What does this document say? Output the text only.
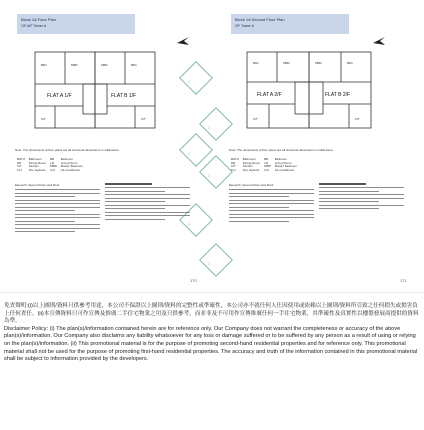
Block 1A Floor Plan
1/F-6/F Tower A
BR1	MBR	MBR	BR1
KIT	KIT
FLAT A 1/F	FLAT B 1/F
Note: The dimensions of floor plans are all structural dimensions in millimetres.
BATH	Bathroom	BR	Bedroom
DR	Dining Room	LR	Living Room
KIT	Kitchen	MBR	Master Bedroom
F.H.	Fire Hydrant	A/C	Air-conditioner
Eleventh, Second Floor and Roof
170
⌂
⌂
⌂
Block 1A Second Floor Plan
2/F Tower A
BR1	MBR	MBR	BR1
KIT	KIT
FLAT A 2/F	FLAT B 2/F
Note: The dimensions of floor plans are all structural dimensions in millimetres.
BATH	Bathroom	BR	Bedroom
DR	Dining Room	LR	Living Room
KIT	Kitchen	MBR	Master Bedroom
F.H.	Fire Hydrant	A/C	Air-conditioner
Eleventh, Second Floor and Roof
171
⌂
⌂
⌂

免責聲明:(i)以上圖則/資料只供參考用途，本公司不保證以上圖則/資料的完整性或準確性，本公司亦不就任何人仕因使用或依賴以上圖則/資料所引致之任何損失或損害負上任何責任。(ii)本宣傳資料只可作宣傳及推廣二手住宅物業之用及只供參考，而並非及不可用作宣傳推廣任何一手住宅物業，其準確性及真實性以樓盤發展商提供的資料為準。

Disclaimer Policy: (i) The plan(s)/information contained herein are for reference only. Our Company does not warrant the completeness or accuracy of the above plan(s)/information. Our Company also disclaims any liability whatsoever for any loss or damage suffered or to be suffered by any person as a result of using or relying on the plan(s)/information. (ii) This promotional material is for the purpose of promoting second-hand residential properties and for reference only. This promotional material shall not be used for the purpose of promoting first-hand residential properties. The accuracy and truth of the information contained in this promotional material shall be subject to information provided by the developers.
